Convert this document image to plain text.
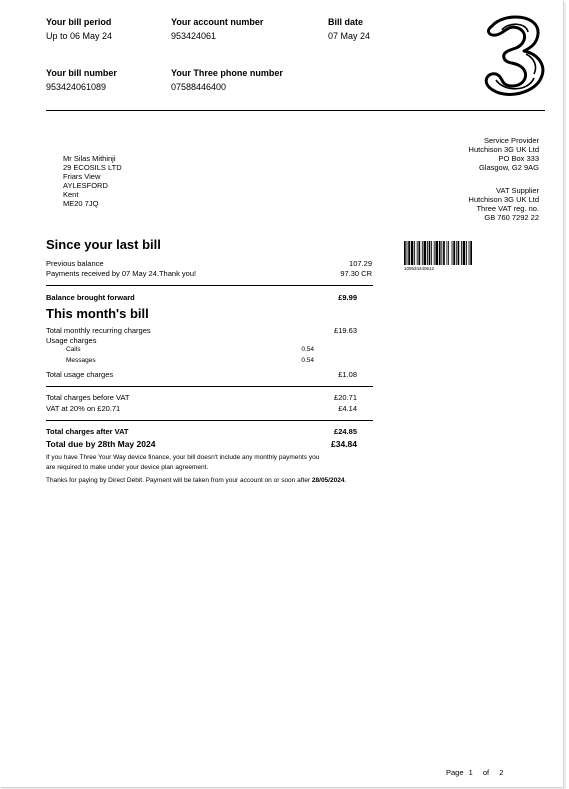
Your bill period
Up to 06 May 24
Your account number
953424061
Bill date
07 May 24
Your bill number
953424061089
Your Three phone number
07588446400
Mr Silas Mithinji
29 ECOSILS LTD
Friars View
AYLESFORD
Kent
ME20 7JQ
Service Provider
Hutchison 3G UK Ltd
PO Box 333
Glasgow, G2 9AG
VAT Supplier
Hutchison 3G UK Ltd
Three VAT reg. no.
GB 760 7292 22
109534240612
Since your last bill
Previous balance	107.29
Payments received by 07 May 24.Thank you!	97.30 CR
Balance brought forward	£9.99
This month's bill
Total monthly recurring charges	£19.63
Usage charges
Calls	0.54
Messages	0.54
Total usage charges	£1.08
Total charges before VAT	£20.71
VAT at 20% on £20.71	£4.14
Total charges after VAT	£24.85
Total due by 28th May 2024	£34.84
If you have Three Your Way device finance, your bill doesn't include any monthly payments you
are required to make under your device plan agreement.
Thanks for paying by Direct Debit. Payment will be taken from your account on or soon after 28/05/2024.
Page 1 of 2
